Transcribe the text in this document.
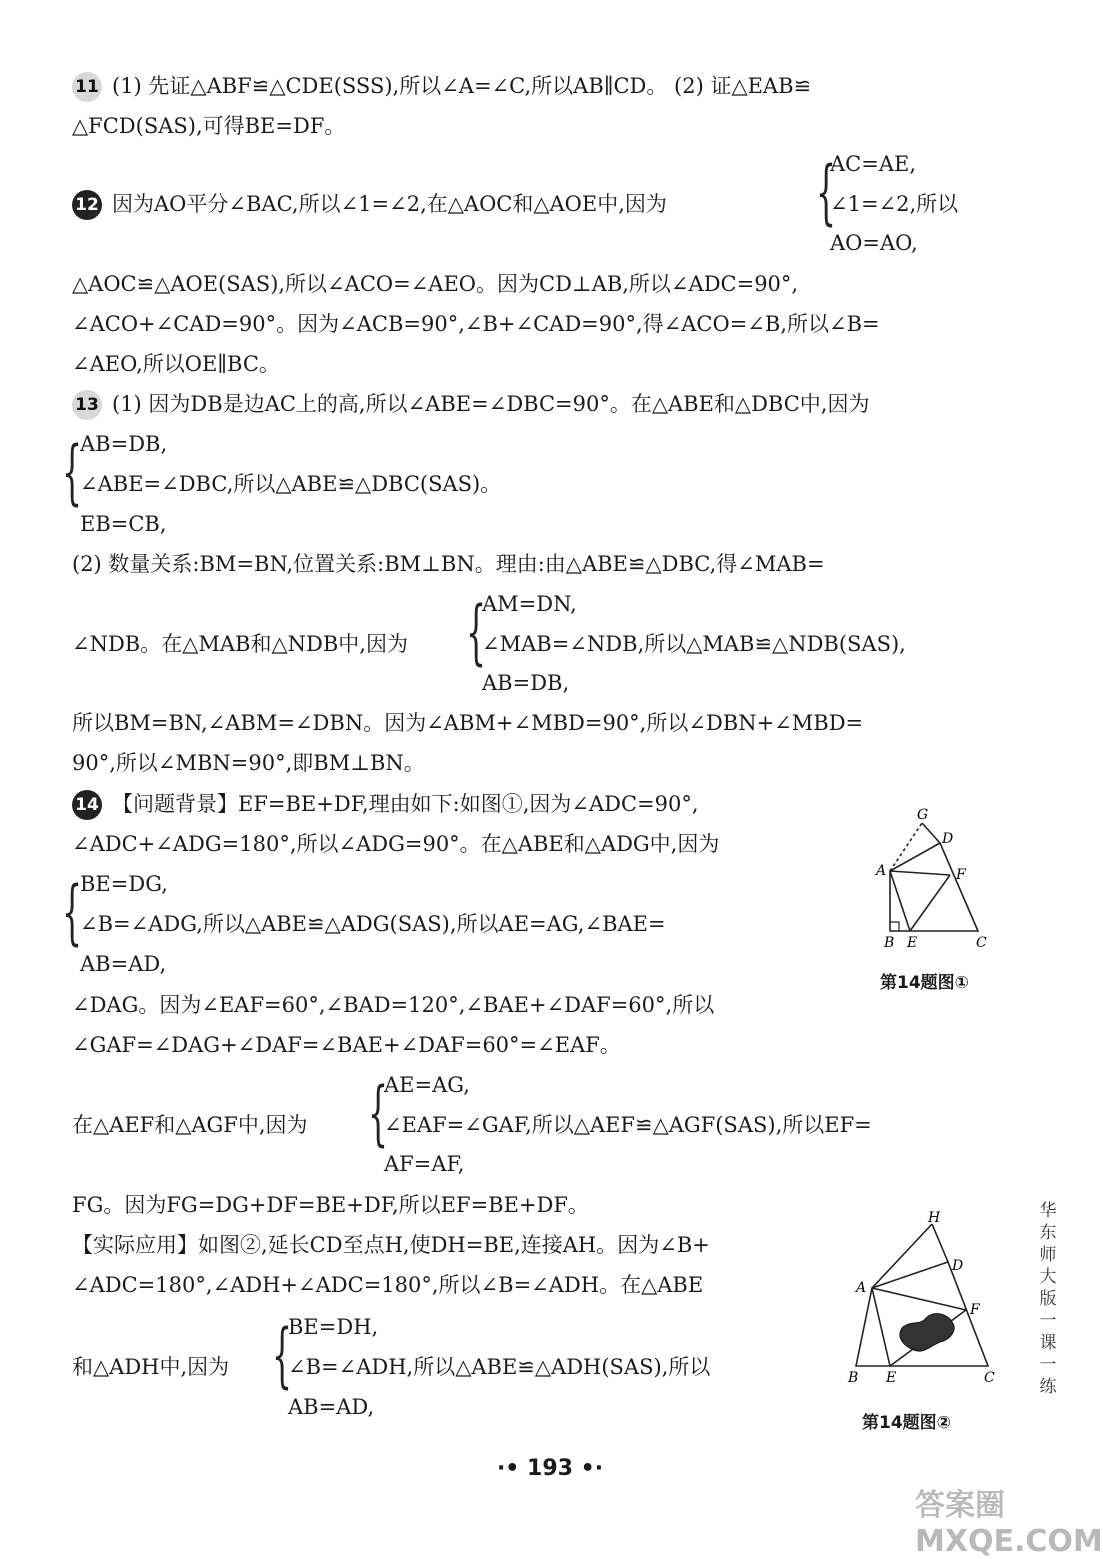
11 (1) 先证△ABF≌△CDE(SSS),所以∠A=∠C,所以AB∥CD。 (2) 证△EAB≌
△FCD(SAS),可得BE=DF。
AC=AE,
12 因为AO平分∠BAC,所以∠1=∠2,在△AOC和△AOE中,因为 {
∠1=∠2,所以
AO=AO,
△AOC≌△AOE(SAS),所以∠ACO=∠AEO。因为CD⊥AB,所以∠ADC=90°,
∠ACO+∠CAD=90°。因为∠ACB=90°,∠B+∠CAD=90°,得∠ACO=∠B,所以∠B=
∠AEO,所以OE∥BC。
13 (1) 因为DB是边AC上的高,所以∠ABE=∠DBC=90°。在△ABE和△DBC中,因为
{
AB=DB,
∠ABE=∠DBC,所以△ABE≌△DBC(SAS)。
EB=CB,
(2) 数量关系:BM=BN,位置关系:BM⊥BN。理由:由△ABE≌△DBC,得∠MAB=
AM=DN,
∠NDB。在△MAB和△NDB中,因为 {
∠MAB=∠NDB,所以△MAB≌△NDB(SAS),
AB=DB,
所以BM=BN,∠ABM=∠DBN。因为∠ABM+∠MBD=90°,所以∠DBN+∠MBD=
90°,所以∠MBN=90°,即BM⊥BN。
14 【问题背景】EF=BE+DF,理由如下:如图①,因为∠ADC=90°,
∠ADC+∠ADG=180°,所以∠ADG=90°。在△ABE和△ADG中,因为
{
BE=DG,
∠B=∠ADG,所以△ABE≌△ADG(SAS),所以AE=AG,∠BAE=
AB=AD,
∠DAG。因为∠EAF=60°,∠BAD=120°,∠BAE+∠DAF=60°,所以
∠GAF=∠DAG+∠DAF=∠BAE+∠DAF=60°=∠EAF。
AE=AG,
在△AEF和△AGF中,因为 {
∠EAF=∠GAF,所以△AEF≌△AGF(SAS),所以EF=
AF=AF,
FG。因为FG=DG+DF=BE+DF,所以EF=BE+DF。
【实际应用】如图②,延长CD至点H,使DH=BE,连接AH。因为∠B+
∠ADC=180°,∠ADH+∠ADC=180°,所以∠B=∠ADH。在△ABE
BE=DH,
和△ADH中,因为 {
∠B=∠ADH,所以△ABE≌△ADH(SAS),所以
AB=AD,
G
D
A	F
B E	C
第14题图①
H
D
A
F
B E	C
第14题图②
华东师大版一课一练
·• 193 •·
答案圈 MXQE.COM
